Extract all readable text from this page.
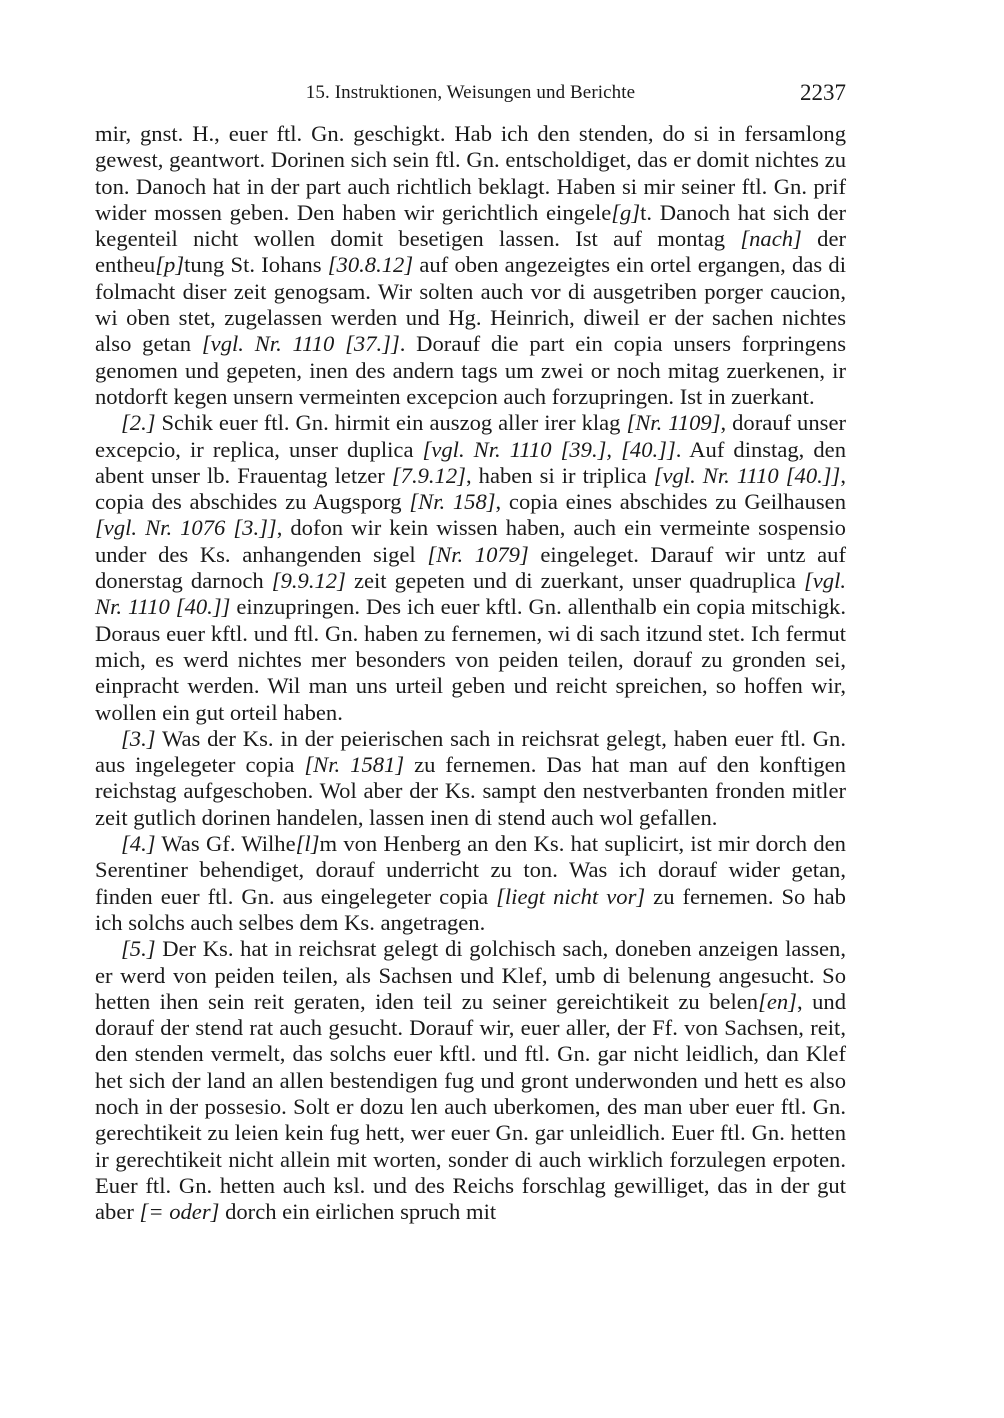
15. Instruktionen, Weisungen und Berichte	2237

mir, gnst. H., euer ftl. Gn. geschigkt. Hab ich den stenden, do si in fersamlong gewest, geantwort. Dorinen sich sein ftl. Gn. entscholdiget, das er domit nichtes zu ton. Danoch hat in der part auch richtlich beklagt. Haben si mir seiner ftl. Gn. prif wider mossen geben. Den haben wir gerichtlich eingele[g]t. Danoch hat sich der kegenteil nicht wollen domit besetigen lassen. Ist auf montag [nach] der entheu[p]tung St. Iohans [30.8.12] auf oben angezeigtes ein ortel ergangen, das di folmacht diser zeit genogsam. Wir solten auch vor di ausgetriben porger caucion, wi oben stet, zugelassen werden und Hg. Heinrich, diweil er der sachen nichtes also getan [vgl. Nr. 1110 [37.]]. Dorauf die part ein copia unsers forpringens genomen und gepeten, inen des andern tags um zwei or noch mitag zuerkenen, ir notdorft kegen unsern vermeinten excepcion auch forzupringen. Ist in zuerkant.

[2.] Schik euer ftl. Gn. hirmit ein auszog aller irer klag [Nr. 1109], dorauf unser excepcio, ir replica, unser duplica [vgl. Nr. 1110 [39.], [40.]]. Auf dinstag, den abent unser lb. Frauentag letzer [7.9.12], haben si ir triplica [vgl. Nr. 1110 [40.]], copia des abschides zu Augsporg [Nr. 158], copia eines abschides zu Geilhausen [vgl. Nr. 1076 [3.]], dofon wir kein wissen haben, auch ein vermeinte sospensio under des Ks. anhangenden sigel [Nr. 1079] eingeleget. Darauf wir untz auf donerstag darnoch [9.9.12] zeit gepeten und di zuerkant, unser quadruplica [vgl. Nr. 1110 [40.]] einzupringen. Des ich euer kftl. Gn. allenthalb ein copia mitschigk. Doraus euer kftl. und ftl. Gn. haben zu fernemen, wi di sach itzund stet. Ich fermut mich, es werd nichtes mer besonders von peiden teilen, dorauf zu gronden sei, einpracht werden. Wil man uns urteil geben und reicht spreichen, so hoffen wir, wollen ein gut orteil haben.

[3.] Was der Ks. in der peierischen sach in reichsrat gelegt, haben euer ftl. Gn. aus ingelegeter copia [Nr. 1581] zu fernemen. Das hat man auf den konftigen reichstag aufgeschoben. Wol aber der Ks. sampt den nestverbanten fronden mitler zeit gutlich dorinen handelen, lassen inen di stend auch wol gefallen.

[4.] Was Gf. Wilhe[l]m von Henberg an den Ks. hat suplicirt, ist mir dorch den Serentiner behendiget, dorauf underricht zu ton. Was ich dorauf wider getan, finden euer ftl. Gn. aus eingelegeter copia [liegt nicht vor] zu fernemen. So hab ich solchs auch selbes dem Ks. angetragen.

[5.] Der Ks. hat in reichsrat gelegt di golchisch sach, doneben anzeigen lassen, er werd von peiden teilen, als Sachsen und Klef, umb di belenung angesucht. So hetten ihen sein reit geraten, iden teil zu seiner gereichtikeit zu belen[en], und dorauf der stend rat auch gesucht. Dorauf wir, euer aller, der Ff. von Sachsen, reit, den stenden vermelt, das solchs euer kftl. und ftl. Gn. gar nicht leidlich, dan Klef het sich der land an allen bestendigen fug und gront underwonden und hett es also noch in der possesio. Solt er dozu len auch uberkomen, des man uber euer ftl. Gn. gerechtikeit zu leien kein fug hett, wer euer Gn. gar unleidlich. Euer ftl. Gn. hetten ir gerechtikeit nicht allein mit worten, sonder di auch wirklich forzulegen erpoten. Euer ftl. Gn. hetten auch ksl. und des Reichs forschlag gewilliget, das in der gut aber [= oder] dorch ein eirlichen spruch mit
